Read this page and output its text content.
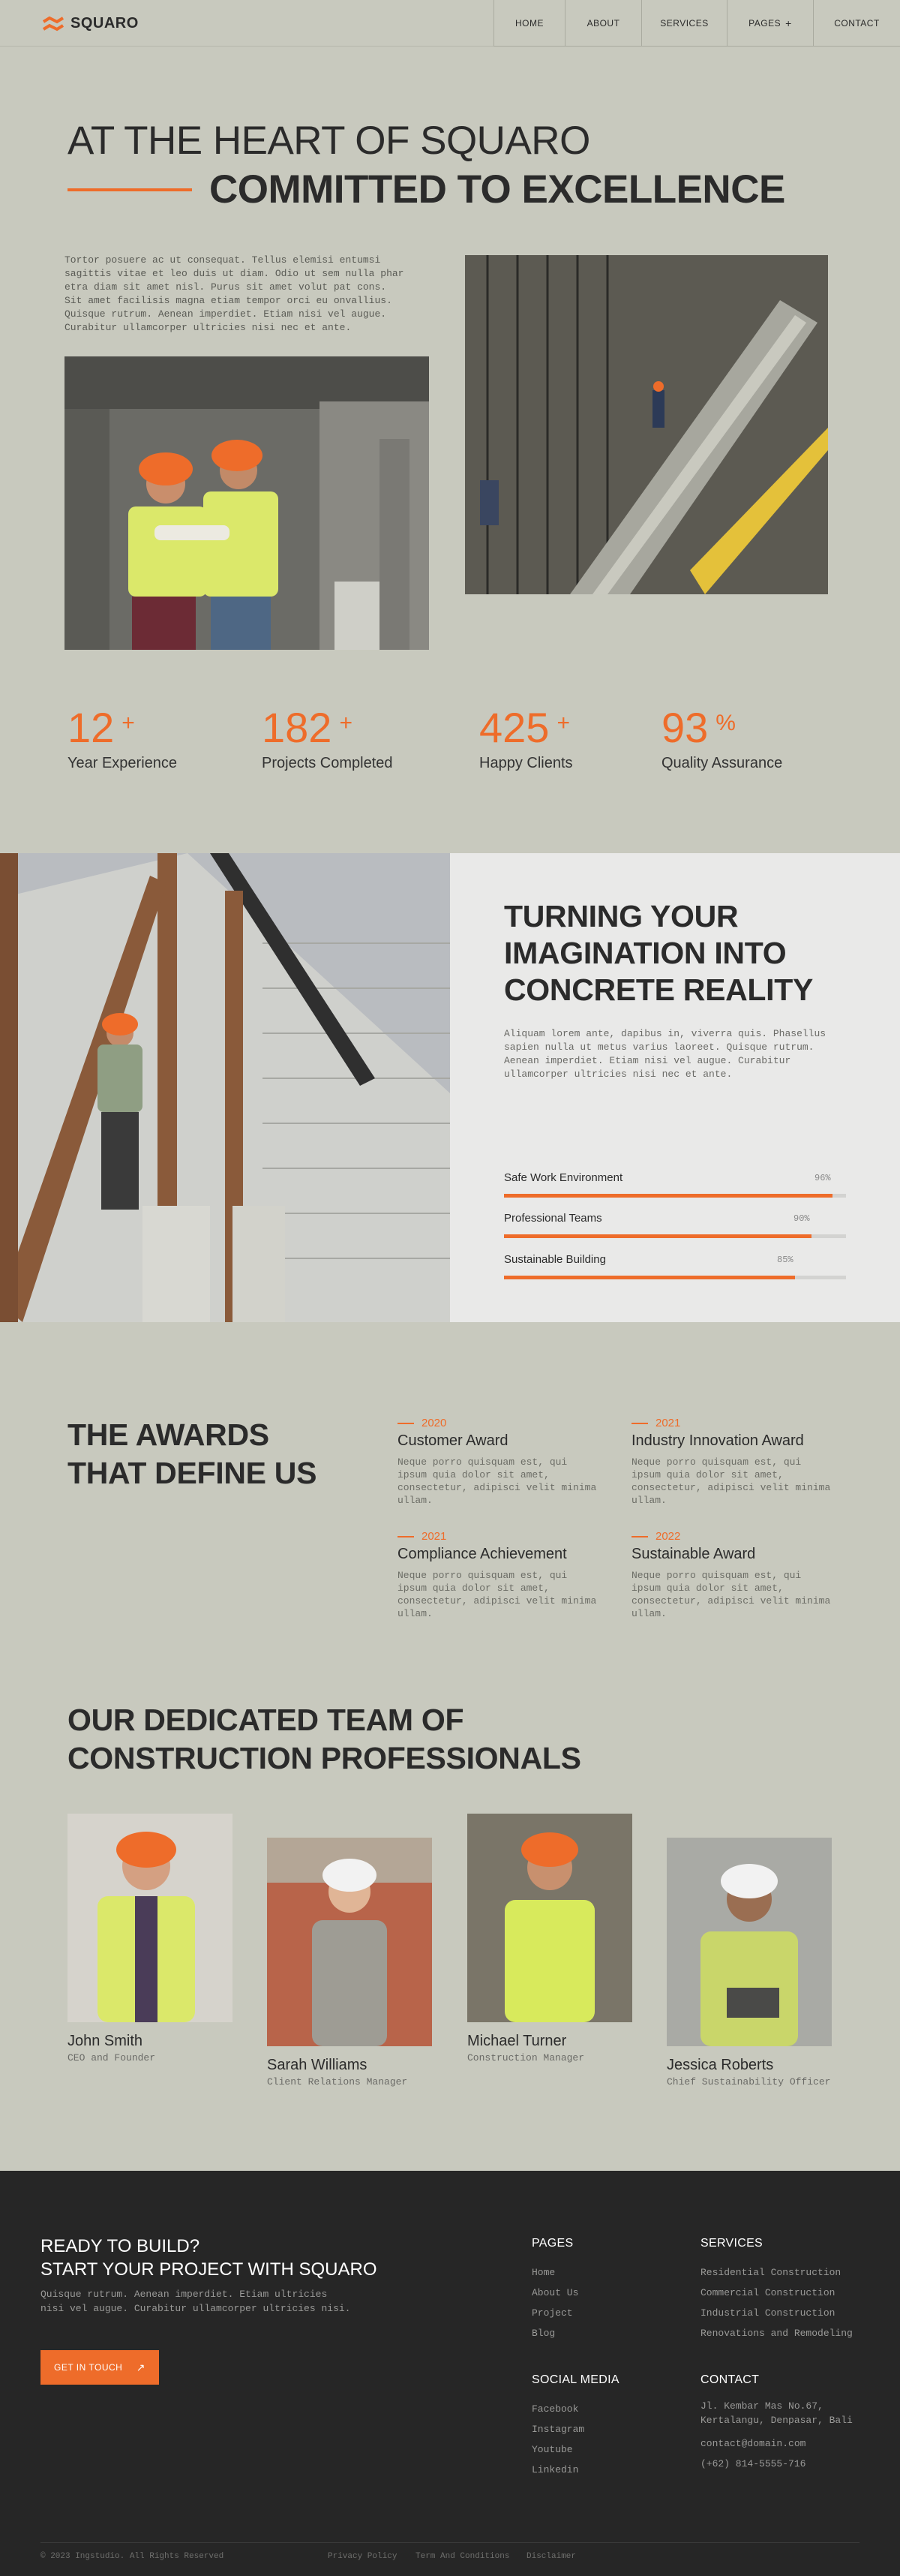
SQUARO	HOME	ABOUT	SERVICES	PAGES +	CONTACT
AT THE HEART OF SQUARO
COMMITTED TO EXCELLENCE

Tortor posuere ac ut consequat. Tellus elemisi entumsi sagittis vitae et leo duis ut diam. Odio ut sem nulla phar etra diam sit amet nisl. Purus sit amet volut pat cons. Sit amet facilisis magna etiam tempor orci eu onvallius. Quisque rutrum. Aenean imperdiet. Etiam nisi vel augue. Curabitur ullamcorper ultricies nisi nec et ante.

12 +
Year Experience
182 +
Projects Completed
425 +
Happy Clients
93 %
Quality Assurance
TURNING YOUR IMAGINATION INTO CONCRETE REALITY

Aliquam lorem ante, dapibus in, viverra quis. Phasellus sapien nulla ut metus varius laoreet. Quisque rutrum. Aenean imperdiet. Etiam nisi vel augue. Curabitur ullamcorper ultricies nisi nec et ante.

Safe Work Environment	96%
Professional Teams	90%
Sustainable Building	85%
THE AWARDS THAT DEFINE US
2020
Customer Award
Neque porro quisquam est, qui ipsum quia dolor sit amet, consectetur, adipisci velit minima ullam.
2021
Industry Innovation Award
Neque porro quisquam est, qui ipsum quia dolor sit amet, consectetur, adipisci velit minima ullam.
2021
Compliance Achievement
Neque porro quisquam est, qui ipsum quia dolor sit amet, consectetur, adipisci velit minima ullam.
2022
Sustainable Award
Neque porro quisquam est, qui ipsum quia dolor sit amet, consectetur, adipisci velit minima ullam.
OUR DEDICATED TEAM OF CONSTRUCTION PROFESSIONALS
John Smith
CEO and Founder	Sarah Williams
Client Relations Manager
Michael Turner
Construction Manager	Jessica Roberts
Chief Sustainability Officer
READY TO BUILD?
START YOUR PROJECT WITH SQUARO

Quisque rutrum. Aenean imperdiet. Etiam ultricies nisi vel augue. Curabitur ullamcorper ultricies nisi.

GET IN TOUCH ↗
PAGES
Home
About Us
Project
Blog
SERVICES
Residential Construction
Commercial Construction
Industrial Construction
Renovations and Remodeling
SOCIAL MEDIA
Facebook
Instagram
Youtube
Linkedin
CONTACT
Jl. Kembar Mas No.67, Kertalangu, Denpasar, Bali
contact@domain.com
(+62) 814-5555-716
© 2023 Ingstudio. All Rights Reserved	Privacy Policy Term And Conditions Disclaimer
